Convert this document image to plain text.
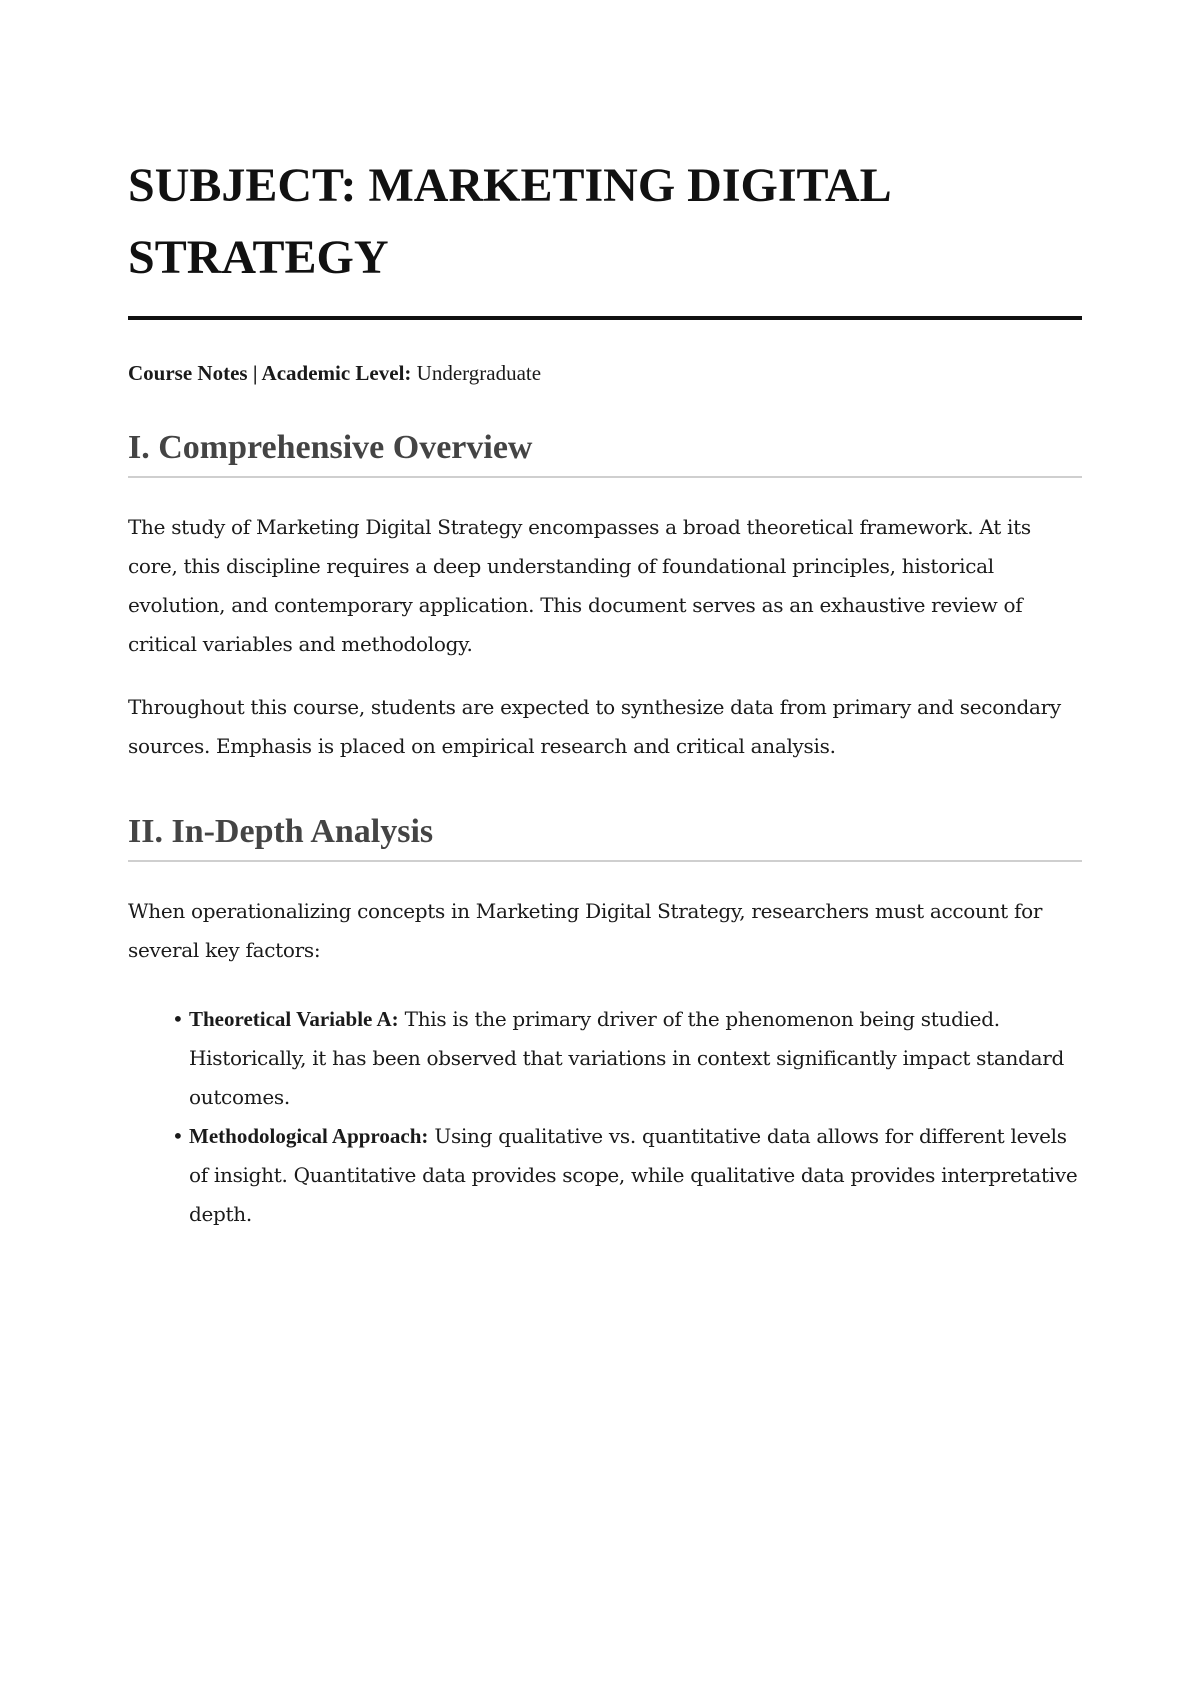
SUBJECT: MARKETING DIGITAL STRATEGY
Course Notes | Academic Level: Undergraduate
I. Comprehensive Overview

The study of Marketing Digital Strategy encompasses a broad theoretical framework. At its core, this discipline requires a deep understanding of foundational principles, historical evolution, and contemporary application. This document serves as an exhaustive review of critical variables and methodology.

Throughout this course, students are expected to synthesize data from primary and secondary sources. Emphasis is placed on empirical research and critical analysis.

II. In-Depth Analysis

When operationalizing concepts in Marketing Digital Strategy, researchers must account for several key factors:

• Theoretical Variable A: This is the primary driver of the phenomenon being studied. Historically, it has been observed that variations in context significantly impact standard outcomes.
• Methodological Approach: Using qualitative vs. quantitative data allows for different levels of insight. Quantitative data provides scope, while qualitative data provides interpretative depth.
